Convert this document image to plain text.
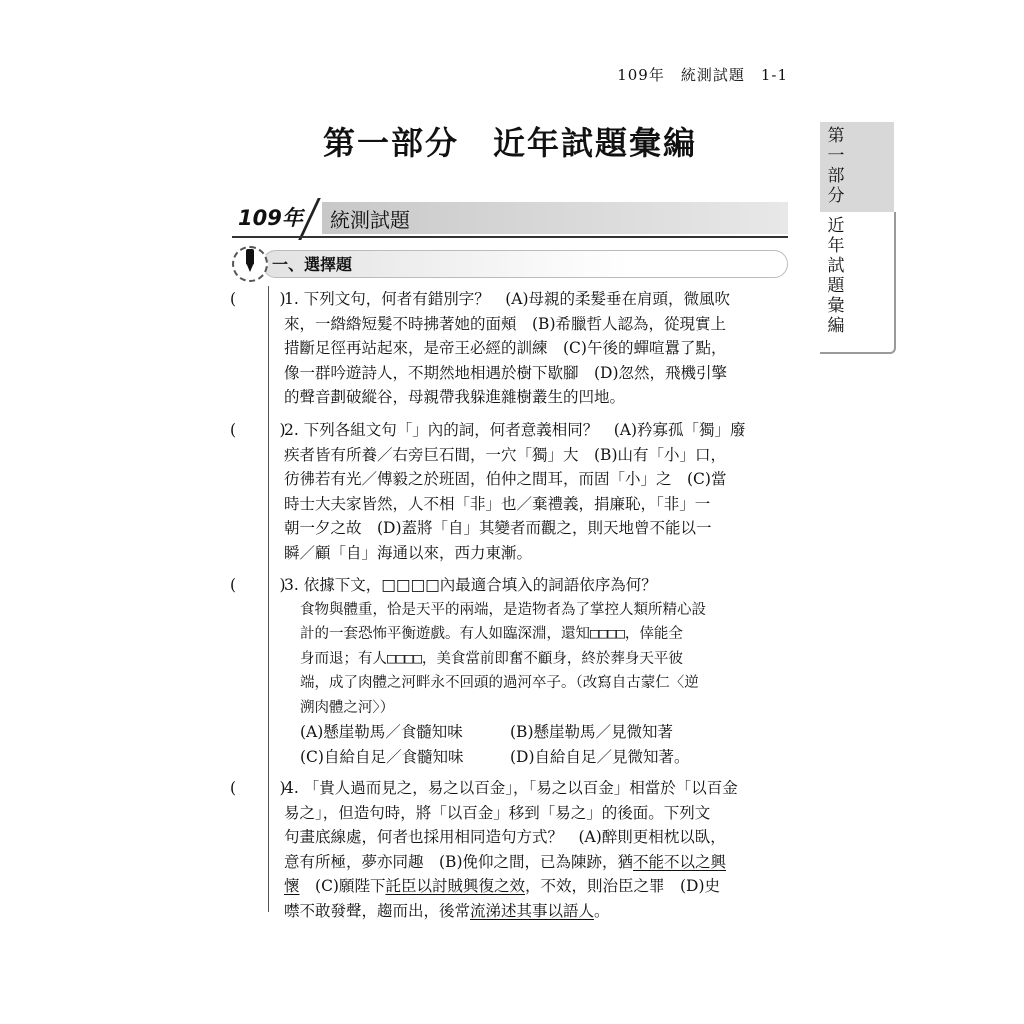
109年　統測試題　1-1
第一部分　近年試題彙編	第
一
部
分
近
年
試
題
彙
編
109年 統測試題
一、選擇題
(　)
1. 下列文句，何者有錯別字？　(A)母親的柔髮垂在肩頭，微風吹
來，一綹綹短髮不時拂著她的面頰　(B)希臘哲人認為，從現實上
措斷足徑再站起來，是帝王必經的訓練　(C)午後的蟬喧囂了點，
像一群吟遊詩人，不期然地相遇於樹下歇腳　(D)忽然，飛機引擎
的聲音劃破縱谷，母親帶我躲進雜樹叢生的凹地。
(　)
2. 下列各組文句「」內的詞，何者意義相同？　(A)矜寡孤「獨」廢
疾者皆有所養／右旁巨石間，一穴「獨」大　(B)山有「小」口，
彷彿若有光／傅毅之於班固，伯仲之間耳，而固「小」之　(C)當
時士大夫家皆然，人不相「非」也／棄禮義，捐廉恥，「非」一
朝一夕之故　(D)蓋將「自」其變者而觀之，則天地曾不能以一
瞬／顧「自」海通以來，西力東漸。
(　)
3. 依據下文，□□□□內最適合填入的詞語依序為何？
食物與體重，恰是天平的兩端，是造物者為了掌控人類所精心設
計的一套恐怖平衡遊戲。有人如臨深淵，還知□□□□，倖能全
身而退；有人□□□□，美食當前即奮不顧身，終於葬身天平彼
端，成了肉體之河畔永不回頭的過河卒子。（改寫自古蒙仁〈逆
溯肉體之河〉）
(A)懸崖勒馬／食髓知味	(B)懸崖勒馬／見微知著
(C)自給自足／食髓知味	(D)自給自足／見微知著。
(　)
4. 「貴人過而見之，易之以百金」，「易之以百金」相當於「以百金
易之」，但造句時，將「以百金」移到「易之」的後面。下列文
句畫底線處，何者也採用相同造句方式？　(A)醉則更相枕以臥，
意有所極，夢亦同趣　(B)俛仰之間，已為陳跡，猶不能不以之興
懷　(C)願陛下託臣以討賊興復之效，不效，則治臣之罪　(D)史
噤不敢發聲，趨而出，後常流涕述其事以語人。
